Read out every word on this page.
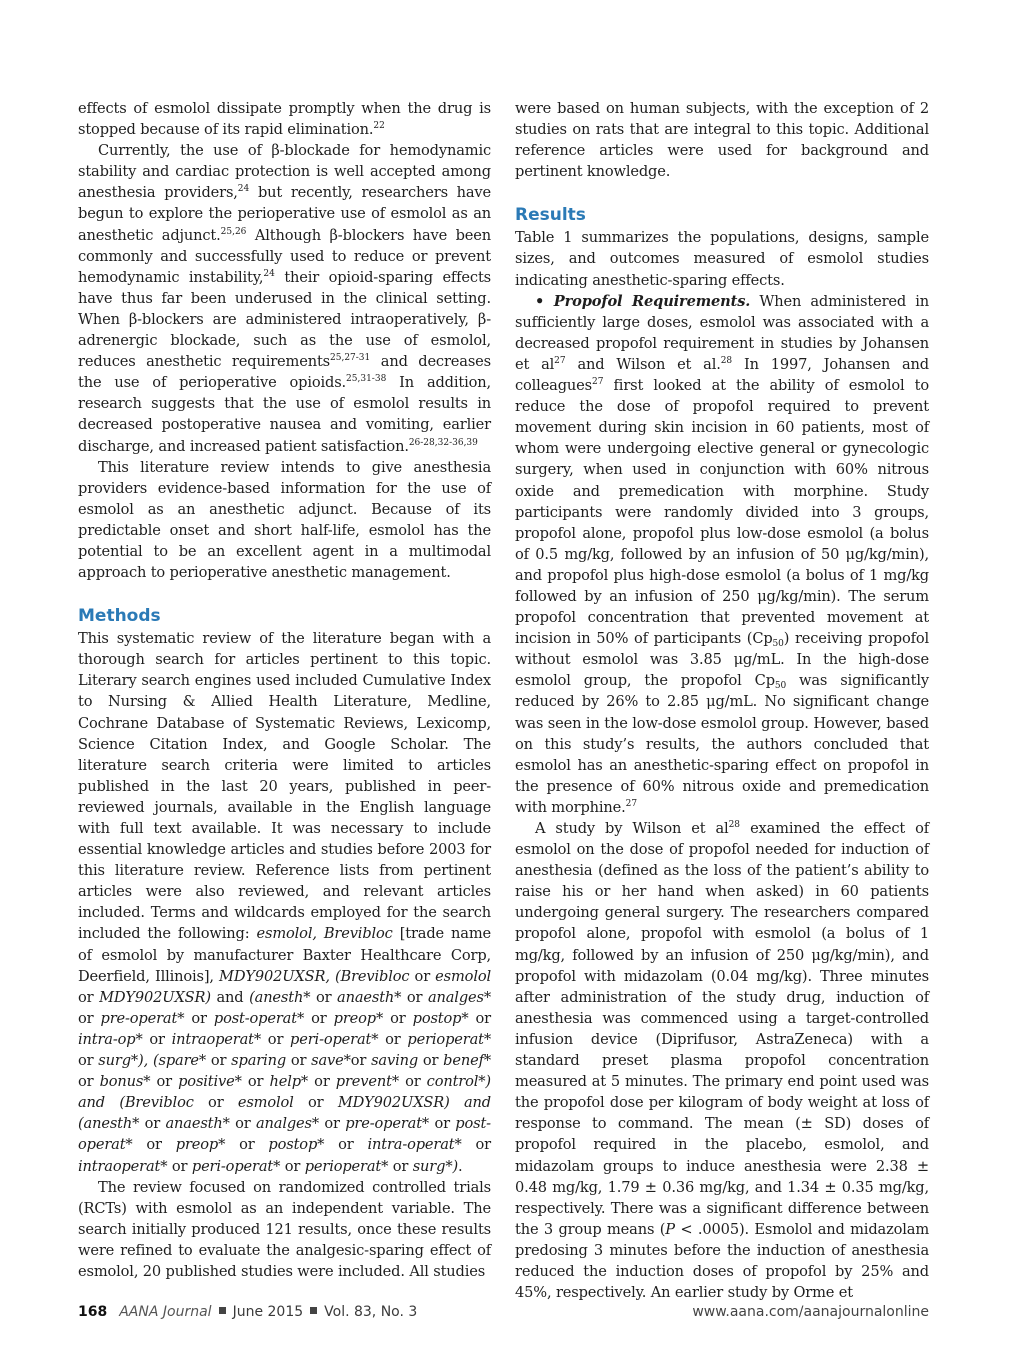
effects of esmolol dissipate promptly when the drug is stopped because of its rapid elimination.$^{22}$

Currently, the use of β-blockade for hemodynamic stability and cardiac protection is well accepted among anesthesia providers,$^{24}$ but recently, researchers have begun to explore the perioperative use of esmolol as an anesthetic adjunct.$^{25,26}$ Although β-blockers have been commonly and successfully used to reduce or prevent hemodynamic instability,$^{24}$ their opioid-sparing effects have thus far been underused in the clinical setting. When β-blockers are administered intraoperatively, β-adrenergic blockade, such as the use of esmolol, reduces anesthetic requirements$^{25,27-31}$ and decreases the use of perioperative opioids.$^{25,31-38}$ In addition, research suggests that the use of esmolol results in decreased postoperative nausea and vomiting, earlier discharge, and increased patient satisfaction.$^{26-28,32-36,39}$

This literature review intends to give anesthesia providers evidence-based information for the use of esmolol as an anesthetic adjunct. Because of its predictable onset and short half-life, esmolol has the potential to be an excellent agent in a multimodal approach to perioperative anesthetic management.

Methods

This systematic review of the literature began with a thorough search for articles pertinent to this topic. Literary search engines used included Cumulative Index to Nursing & Allied Health Literature, Medline, Cochrane Database of Systematic Reviews, Lexicomp, Science Citation Index, and Google Scholar. The literature search criteria were limited to articles published in the last 20 years, published in peer-reviewed journals, available in the English language with full text available. It was necessary to include essential knowledge articles and studies before 2003 for this literature review. Reference lists from pertinent articles were also reviewed, and relevant articles included. Terms and wildcards employed for the search included the following: esmolol, Brevibloc [trade name of esmolol by manufacturer Baxter Healthcare Corp, Deerfield, Illinois], MDY902UXSR, (Brevibloc or esmolol or MDY902UXSR) and (anesth* or anaesth* or analges* or pre-operat* or post-operat* or preop* or postop* or intra-op* or intraoperat* or peri-operat* or perioperat* or surg*), (spare* or sparing or save*or saving or benef* or bonus* or positive* or help* or prevent* or control*) and (Brevibloc or esmolol or MDY902UXSR) and (anesth* or anaesth* or analges* or pre-operat* or post-operat* or preop* or postop* or intra-operat* or intraoperat* or peri-operat* or perioperat* or surg*).

The review focused on randomized controlled trials (RCTs) with esmolol as an independent variable. The search initially produced 121 results, once these results were refined to evaluate the analgesic-sparing effect of esmolol, 20 published studies were included. All studies

were based on human subjects, with the exception of 2 studies on rats that are integral to this topic. Additional reference articles were used for background and pertinent knowledge.

Results

Table 1 summarizes the populations, designs, sample sizes, and outcomes measured of esmolol studies indicating anesthetic-sparing effects.

• Propofol Requirements. When administered in sufficiently large doses, esmolol was associated with a decreased propofol requirement in studies by Johansen et $al^{27}$ and Wilson et al.$^{28}$ In 1997, Johansen and colleagues$^{27}$ first looked at the ability of esmolol to reduce the dose of propofol required to prevent movement during skin incision in 60 patients, most of whom were undergoing elective general or gynecologic surgery, when used in conjunction with 60% nitrous oxide and premedication with morphine. Study participants were randomly divided into 3 groups, propofol alone, propofol plus low-dose esmolol (a bolus of 0.5 mg/kg, followed by an infusion of 50 μg/kg/min), and propofol plus high-dose esmolol (a bolus of 1 mg/kg followed by an infusion of 250 μg/kg/min). The serum propofol concentration that prevented movement at incision in 50% of participants $(Cp_{50})$ receiving propofol without esmolol was 3.85 μg/mL. In the high-dose esmolol group, the propofol $Cp_{50}$ was significantly reduced by 26% to 2.85 μg/mL. No significant change was seen in the low-dose esmolol group. However, based on this study’s results, the authors concluded that esmolol has an anesthetic-sparing effect on propofol in the presence of 60% nitrous oxide and premedication with morphine.$^{27}$

A study by Wilson et $al^{28}$ examined the effect of esmolol on the dose of propofol needed for induction of anesthesia (defined as the loss of the patient’s ability to raise his or her hand when asked) in 60 patients undergoing general surgery. The researchers compared propofol alone, propofol with esmolol (a bolus of 1 mg/kg, followed by an infusion of 250 μg/kg/min), and propofol with midazolam (0.04 mg/kg). Three minutes after administration of the study drug, induction of anesthesia was commenced using a target-controlled infusion device (Diprifusor, AstraZeneca) with a standard preset plasma propofol concentration measured at 5 minutes. The primary end point used was the propofol dose per kilogram of body weight at loss of response to command. The mean (± SD) doses of propofol required in the placebo, esmolol, and midazolam groups to induce anesthesia were 2.38 ± 0.48 mg/kg, 1.79 ± 0.36 mg/kg, and 1.34 ± 0.35 mg/kg, respectively. There was a significant difference between the 3 group means (P < .0005). Esmolol and midazolam predosing 3 minutes before the induction of anesthesia reduced the induction doses of propofol by 25% and 45%, respectively. An earlier study by Orme et

168 AANA Journal June 2015 Vol. 83, No. 3	www.aana.com/aanajournalonline
